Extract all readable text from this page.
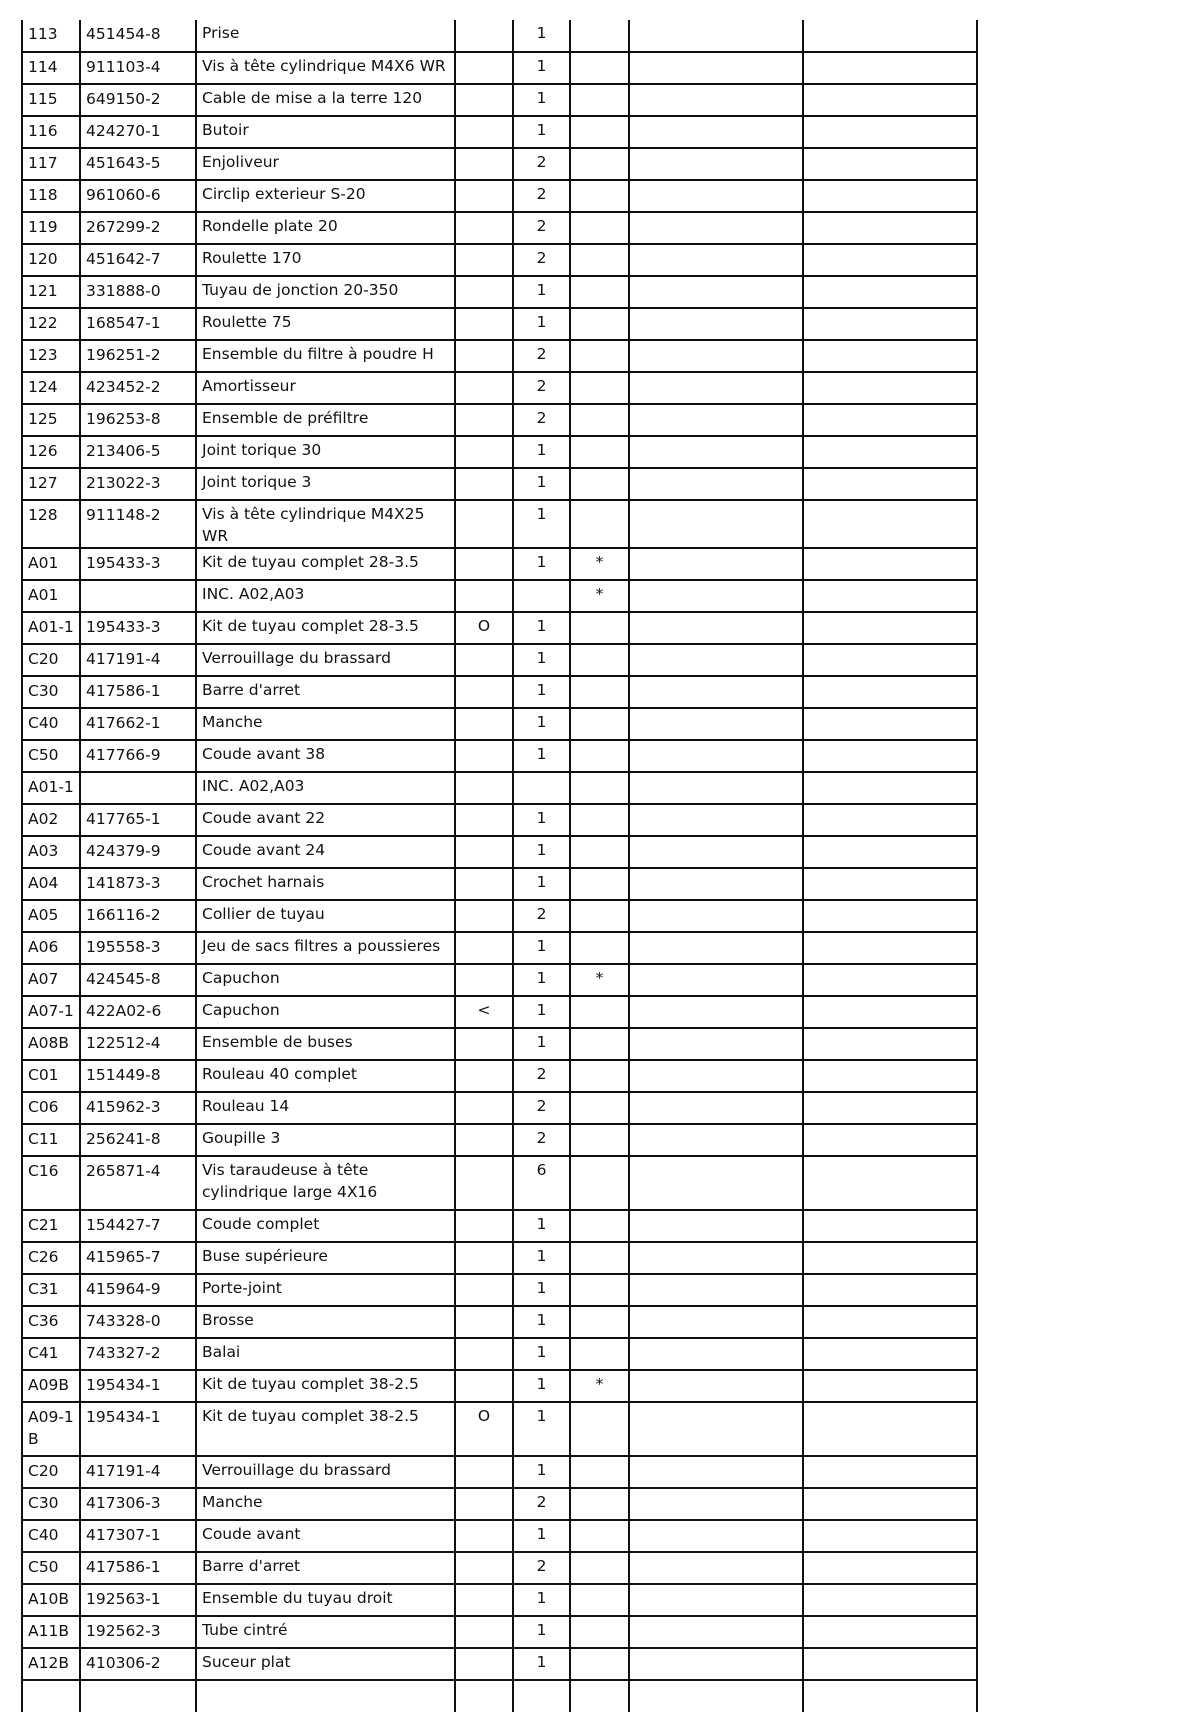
113	451454-8	Prise		1			
114	911103-4	Vis à tête cylindrique M4X6 WR		1			
115	649150-2	Cable de mise a la terre 120		1			
116	424270-1	Butoir		1			
117	451643-5	Enjoliveur		2			
118	961060-6	Circlip exterieur S-20		2			
119	267299-2	Rondelle plate 20		2			
120	451642-7	Roulette 170		2			
121	331888-0	Tuyau de jonction 20-350		1			
122	168547-1	Roulette 75		1			
123	196251-2	Ensemble du filtre à poudre H		2			
124	423452-2	Amortisseur		2			
125	196253-8	Ensemble de préfiltre		2			
126	213406-5	Joint torique 30		1			
127	213022-3	Joint torique 3		1			
128	911148-2	Vis à tête cylindrique M4X25 WR		1			
A01	195433-3	Kit de tuyau complet 28-3.5		1	*		
A01		INC. A02,A03			*		
A01-1	195433-3	Kit de tuyau complet 28-3.5	O	1			
C20	417191-4	Verrouillage du brassard		1			
C30	417586-1	Barre d'arret		1			
C40	417662-1	Manche		1			
C50	417766-9	Coude avant 38		1			
A01-1		INC. A02,A03					
A02	417765-1	Coude avant 22		1			
A03	424379-9	Coude avant 24		1			
A04	141873-3	Crochet harnais		1			
A05	166116-2	Collier de tuyau		2			
A06	195558-3	Jeu de sacs filtres a poussieres		1			
A07	424545-8	Capuchon		1	*		
A07-1	422A02-6	Capuchon	<	1			
A08B	122512-4	Ensemble de buses		1			
C01	151449-8	Rouleau 40 complet		2			
C06	415962-3	Rouleau 14		2			
C11	256241-8	Goupille 3		2			
C16	265871-4	Vis taraudeuse à tête cylindrique large 4X16		6			
C21	154427-7	Coude complet		1			
C26	415965-7	Buse supérieure		1			
C31	415964-9	Porte-joint		1			
C36	743328-0	Brosse		1			
C41	743327-2	Balai		1			
A09B	195434-1	Kit de tuyau complet 38-2.5		1	*		
A09-1B	195434-1	Kit de tuyau complet 38-2.5	O	1			
C20	417191-4	Verrouillage du brassard		1			
C30	417306-3	Manche		2			
C40	417307-1	Coude avant		1			
C50	417586-1	Barre d'arret		2			
A10B	192563-1	Ensemble du tuyau droit		1			
A11B	192562-3	Tube cintré		1			
A12B	410306-2	Suceur plat		1			
